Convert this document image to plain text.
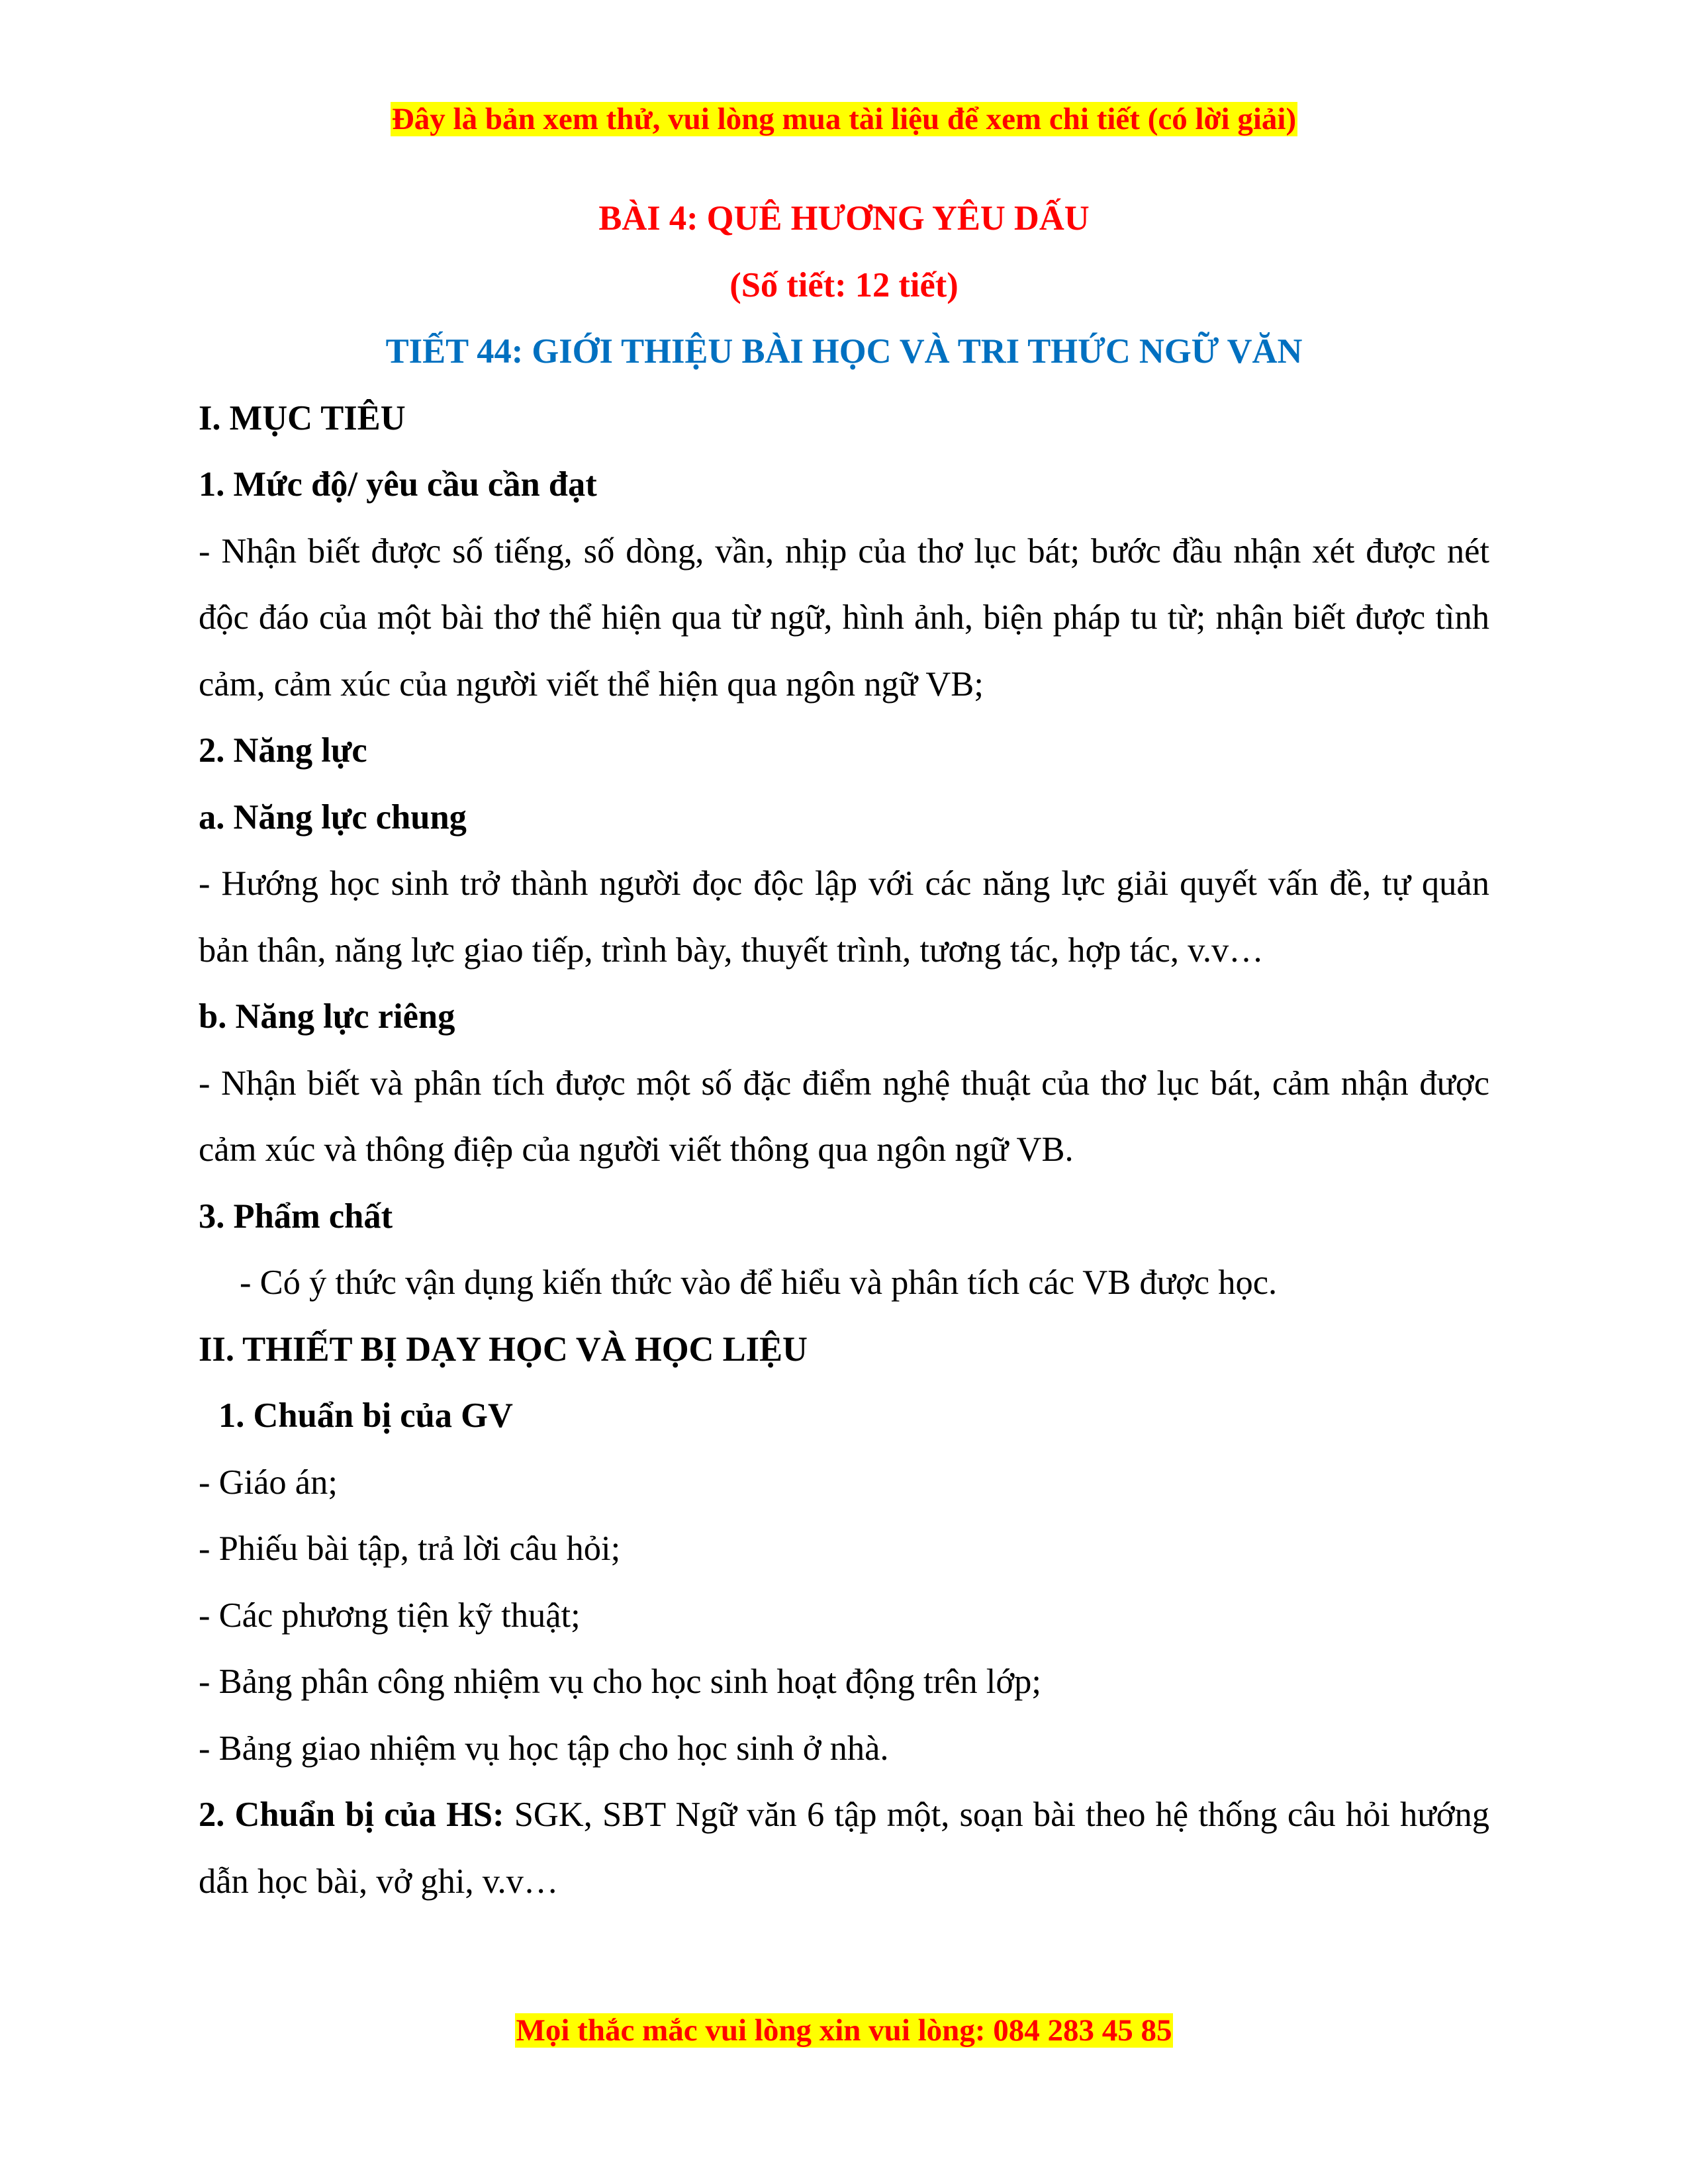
Đây là bản xem thử, vui lòng mua tài liệu để xem chi tiết (có lời giải)

BÀI 4: QUÊ HƯƠNG YÊU DẤU

(Số tiết: 12 tiết)

TIẾT 44: GIỚI THIỆU BÀI HỌC VÀ TRI THỨC NGỮ VĂN

I. MỤC TIÊU

1. Mức độ/ yêu cầu cần đạt

- Nhận biết được số tiếng, số dòng, vần, nhịp của thơ lục bát; bước đầu nhận xét được nét độc đáo của một bài thơ thể hiện qua từ ngữ, hình ảnh, biện pháp tu từ; nhận biết được tình cảm, cảm xúc của người viết thể hiện qua ngôn ngữ VB;

2. Năng lực

a. Năng lực chung

- Hướng học sinh trở thành người đọc độc lập với các năng lực giải quyết vấn đề, tự quản bản thân, năng lực giao tiếp, trình bày, thuyết trình, tương tác, hợp tác, v.v…

b. Năng lực riêng

- Nhận biết và phân tích được một số đặc điểm nghệ thuật của thơ lục bát, cảm nhận được cảm xúc và thông điệp của người viết thông qua ngôn ngữ VB.

3. Phẩm chất

- Có ý thức vận dụng kiến thức vào để hiểu và phân tích các VB được học.

II. THIẾT BỊ DẠY HỌC VÀ HỌC LIỆU

1. Chuẩn bị của GV

- Giáo án;

- Phiếu bài tập, trả lời câu hỏi;

- Các phương tiện kỹ thuật;

- Bảng phân công nhiệm vụ cho học sinh hoạt động trên lớp;

- Bảng giao nhiệm vụ học tập cho học sinh ở nhà.

2. Chuẩn bị của HS: SGK, SBT Ngữ văn 6 tập một, soạn bài theo hệ thống câu hỏi hướng dẫn học bài, vở ghi, v.v…

Mọi thắc mắc vui lòng xin vui lòng: 084 283 45 85
